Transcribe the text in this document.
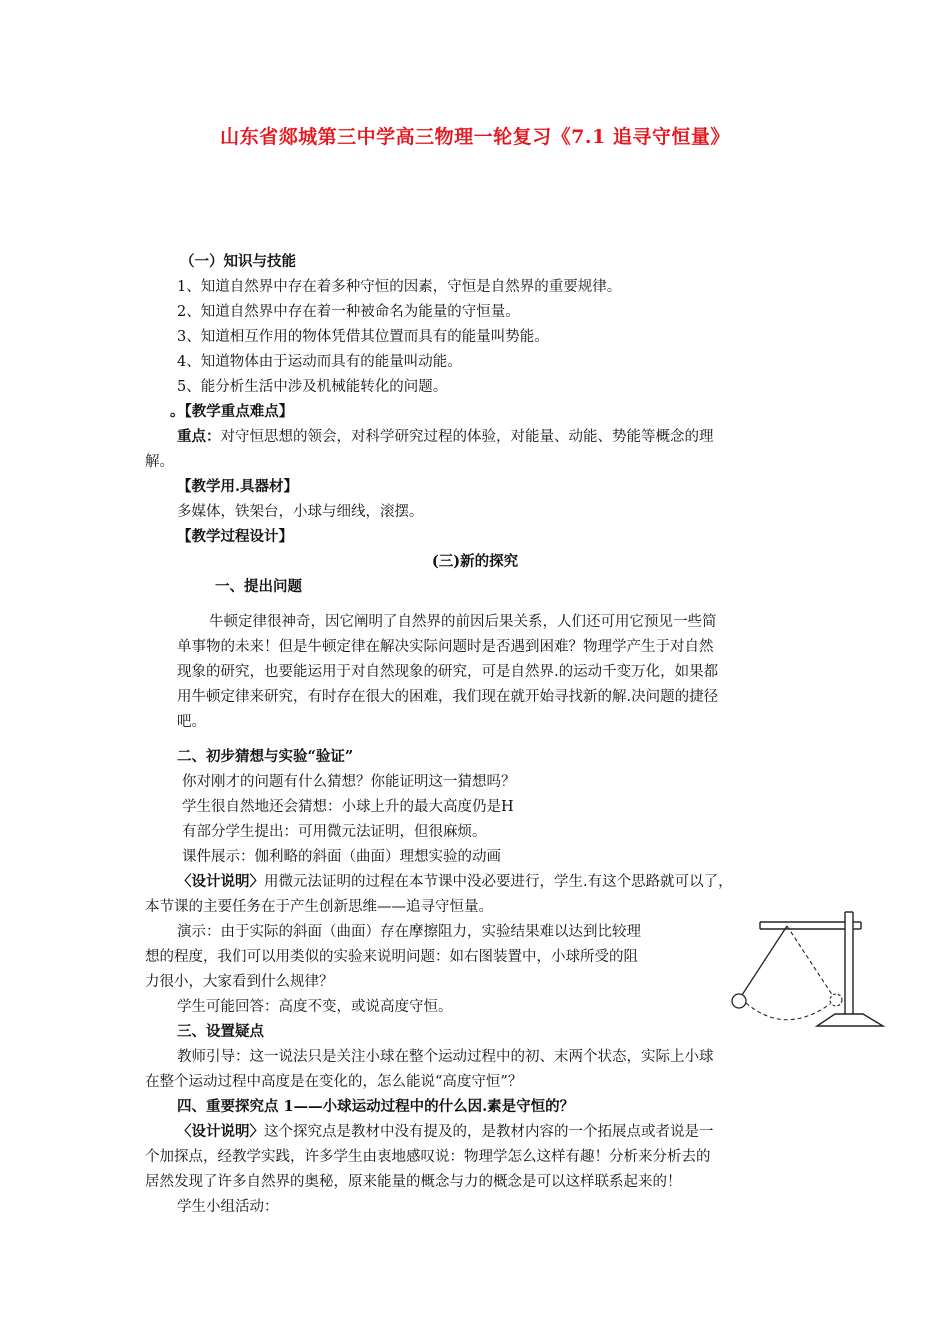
山东省郯城第三中学高三物理一轮复习《7.1 追寻守恒量》
（一）知识与技能
1、知道自然界中存在着多种守恒的因素，守恒是自然界的重要规律。
2、知道自然界中存在着一种被命名为能量的守恒量。
3、知道相互作用的物体凭借其位置而具有的能量叫势能。
4、知道物体由于运动而具有的能量叫动能。
5、能分析生活中涉及机械能转化的问题。
。【教学重点难点】
重点：对守恒思想的领会，对科学研究过程的体验，对能量、动能、势能等概念的理
解。
【教学用.具器材】
多媒体，铁架台，小球与细线，滚摆。
【教学过程设计】
(三)新的探究
一、提出问题
牛顿定律很神奇，因它阐明了自然界的前因后果关系，人们还可用它预见一些简
单事物的未来！但是牛顿定律在解决实际问题时是否遇到困难？物理学产生于对自然
现象的研究，也要能运用于对自然现象的研究，可是自然界.的运动千变万化，如果都
用牛顿定律来研究，有时存在很大的困难，我们现在就开始寻找新的解.决问题的捷径
吧。
二、初步猜想与实验“验证”
你对刚才的问题有什么猜想？你能证明这一猜想吗？
学生很自然地还会猜想：小球上升的最大高度仍是H
有部分学生提出：可用微元法证明，但很麻烦。
课件展示：伽利略的斜面（曲面）理想实验的动画
〈设计说明〉用微元法证明的过程在本节课中没必要进行，学生.有这个思路就可以了，
本节课的主要任务在于产生创新思维——追寻守恒量。
演示：由于实际的斜面（曲面）存在摩擦阻力，实验结果难以达到比较理
想的程度，我们可以用类似的实验来说明问题：如右图装置中，小球所受的阻
力很小，大家看到什么规律？
学生可能回答：高度不变，或说高度守恒。
三、设置疑点
教师引导：这一说法只是关注小球在整个运动过程中的初、末两个状态，实际上小球
在整个运动过程中高度是在变化的，怎么能说“高度守恒”？
四、重要探究点 1——小球运动过程中的什么因.素是守恒的？
〈设计说明〉这个探究点是教材中没有提及的，是教材内容的一个拓展点或者说是一
个加探点，经教学实践，许多学生由衷地感叹说：物理学怎么这样有趣！分析来分析去的
居然发现了许多自然界的奥秘，原来能量的概念与力的概念是可以这样联系起来的！
学生小组活动：
